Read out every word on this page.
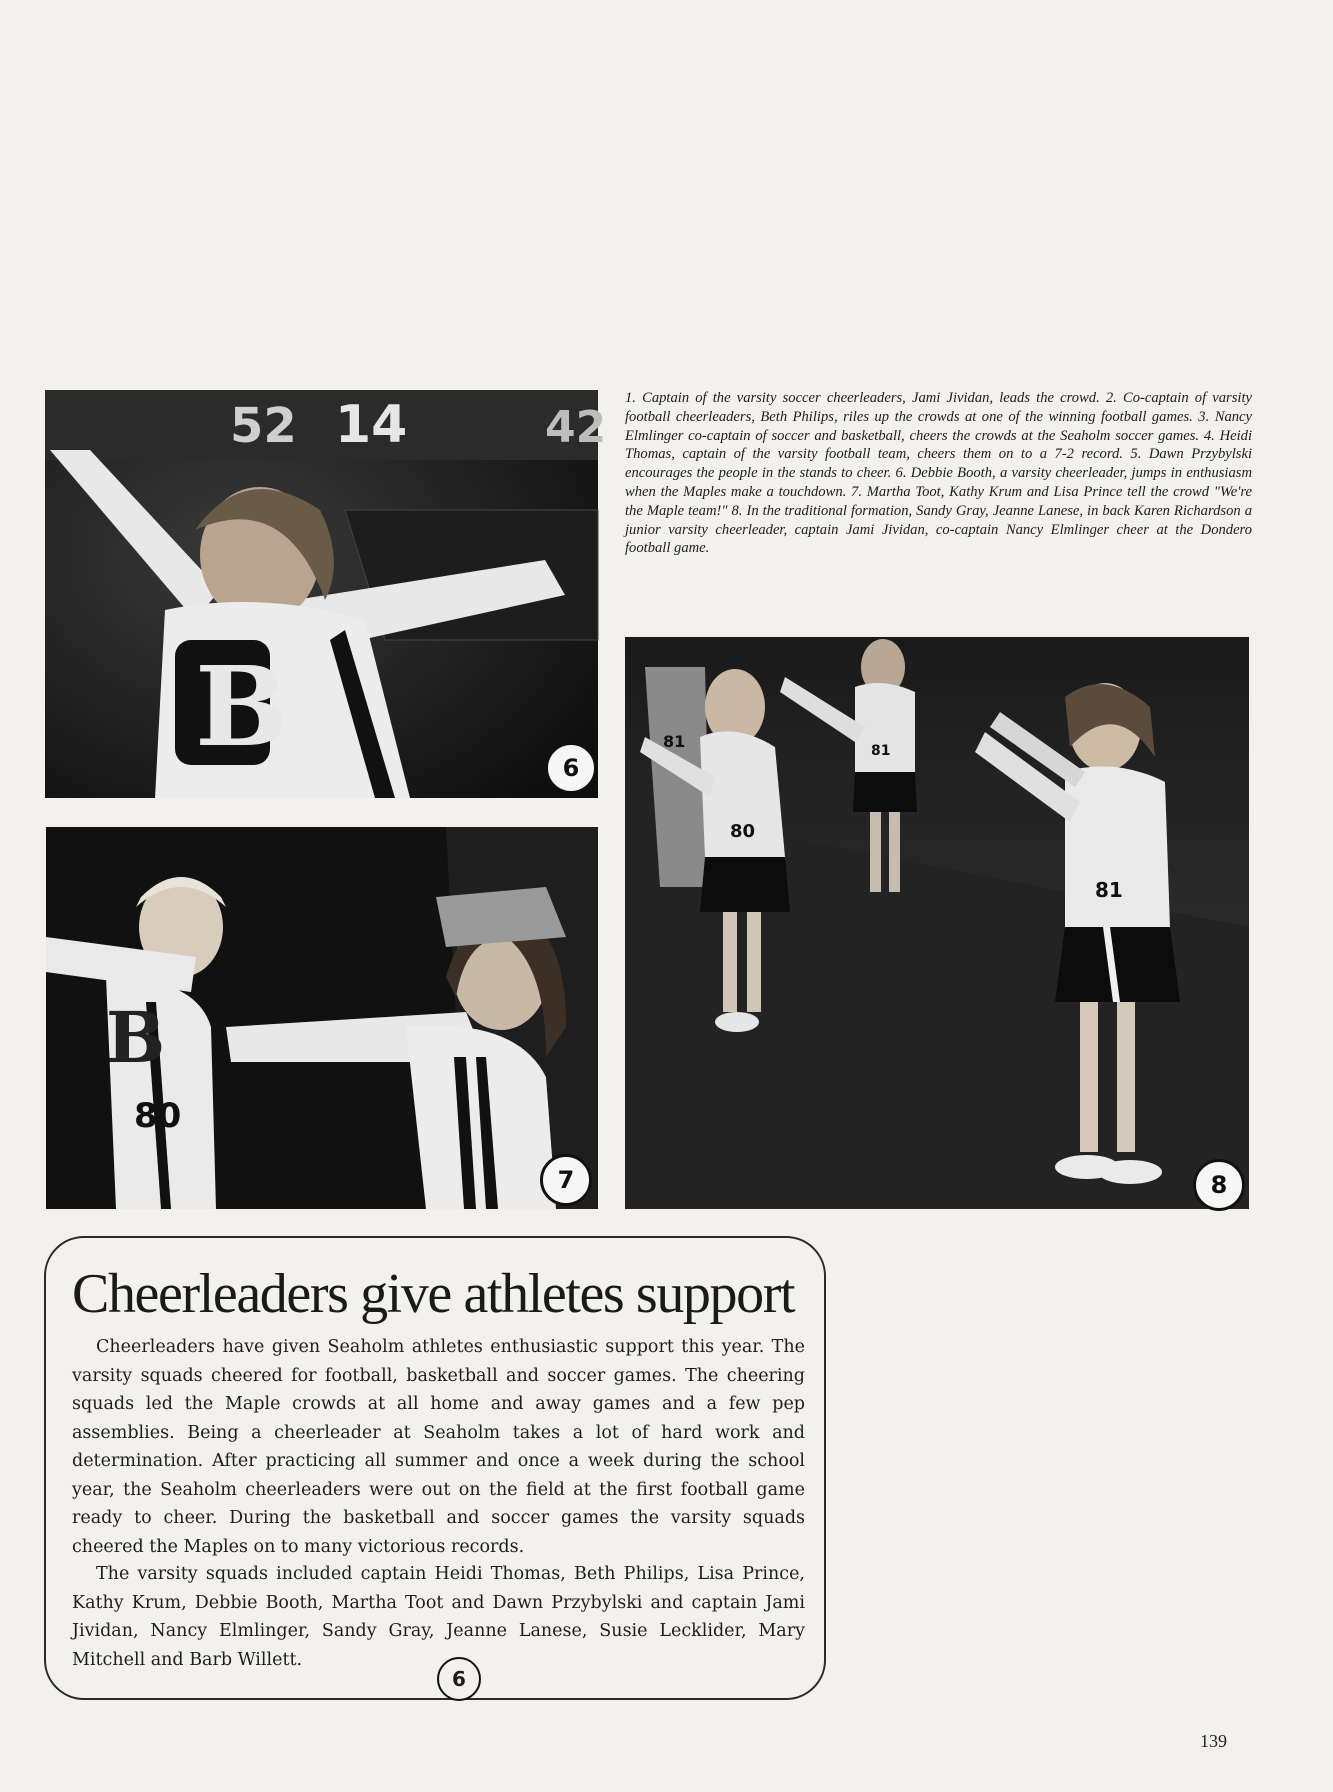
52 14	42
B	6
80
B
7
81
80
81
81
8
1. Captain of the varsity soccer cheerleaders, Jami Jividan, leads the crowd. 2. Co-captain of varsity football cheerleaders, Beth Philips, riles up the crowds at one of the winning football games. 3. Nancy Elmlinger co-captain of soccer and basketball, cheers the crowds at the Seaholm soccer games. 4. Heidi Thomas, captain of the varsity football team, cheers them on to a 7-2 record. 5. Dawn Przybylski encourages the people in the stands to cheer. 6. Debbie Booth, a varsity cheerleader, jumps in enthusiasm when the Maples make a touchdown. 7. Martha Toot, Kathy Krum and Lisa Prince tell the crowd "We're the Maple team!" 8. In the traditional formation, Sandy Gray, Jeanne Lanese, in back Karen Richardson a junior varsity cheerleader, captain Jami Jividan, co-captain Nancy Elmlinger cheer at the Dondero football game.
Cheerleaders give athletes support

Cheerleaders have given Seaholm athletes enthusiastic support this year. The varsity squads cheered for football, basketball and soccer games. The cheering squads led the Maple crowds at all home and away games and a few pep assemblies. Being a cheerleader at Seaholm takes a lot of hard work and determination. After practicing all summer and once a week during the school year, the Seaholm cheerleaders were out on the field at the first football game ready to cheer. During the basketball and soccer games the varsity squads cheered the Maples on to many victorious records.

The varsity squads included captain Heidi Thomas, Beth Philips, Lisa Prince, Kathy Krum, Debbie Booth, Martha Toot and Dawn Przybylski and captain Jami Jividan, Nancy Elmlinger, Sandy Gray, Jeanne Lanese, Susie Lecklider, Mary Mitchell and Barb Willett.

6
139
